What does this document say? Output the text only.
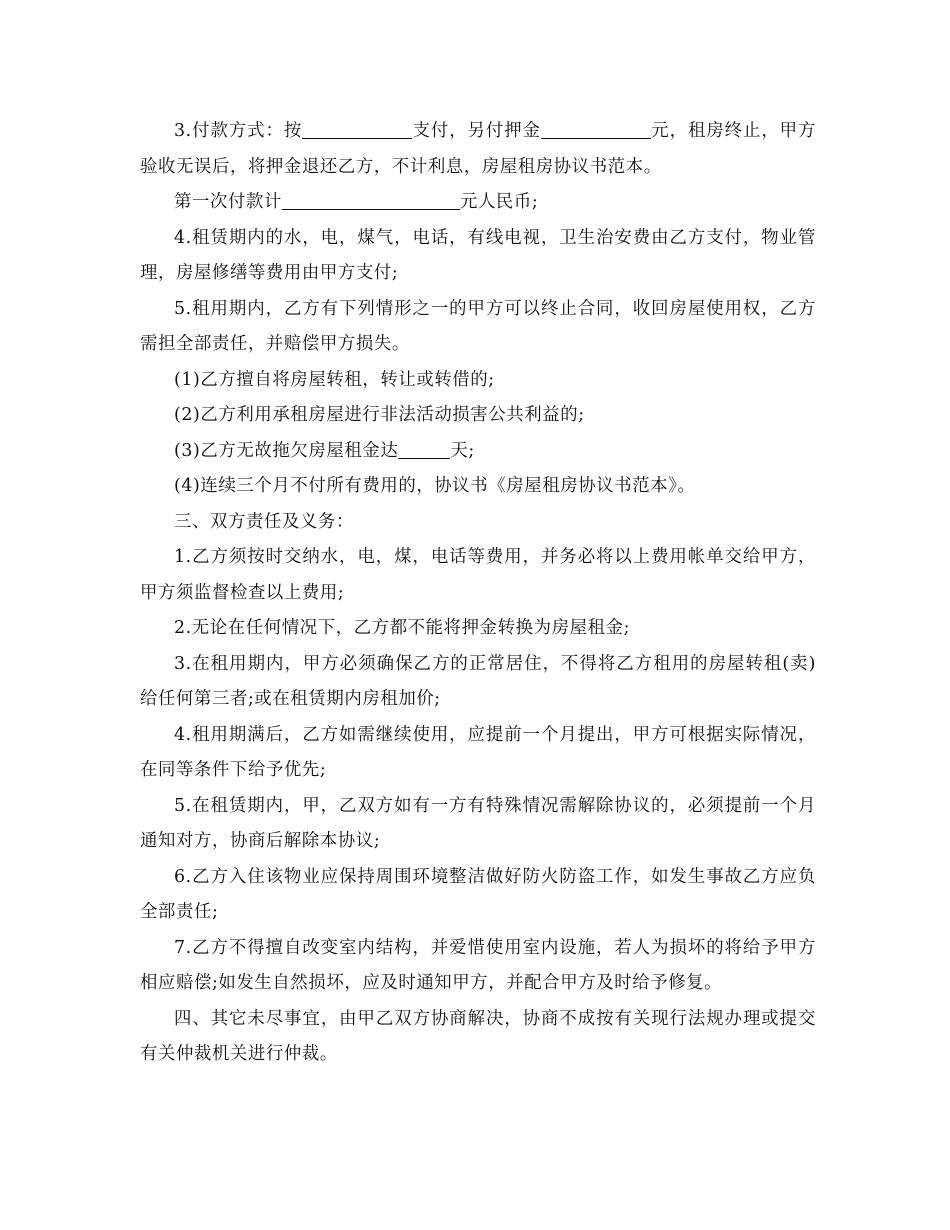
3.付款方式：按	支付，另付押金	元，租房终止，甲方验收无误后，将押金退还乙方，不计利息，房屋租房协议书范本。

第一次付款计	元人民币;

4.租赁期内的水，电，煤气，电话，有线电视，卫生治安费由乙方支付，物业管理，房屋修缮等费用由甲方支付;

5.租用期内，乙方有下列情形之一的甲方可以终止合同，收回房屋使用权，乙方需担全部责任，并赔偿甲方损失。

(1)乙方擅自将房屋转租，转让或转借的;

(2)乙方利用承租房屋进行非法活动损害公共利益的;

(3)乙方无故拖欠房屋租金达	天;

(4)连续三个月不付所有费用的，协议书《房屋租房协议书范本》。

三、双方责任及义务：

1.乙方须按时交纳水，电，煤，电话等费用，并务必将以上费用帐单交给甲方，甲方须监督检查以上费用;

2.无论在任何情况下，乙方都不能将押金转换为房屋租金;

3.在租用期内，甲方必须确保乙方的正常居住，不得将乙方租用的房屋转租(卖)给任何第三者;或在租赁期内房租加价;

4.租用期满后，乙方如需继续使用，应提前一个月提出，甲方可根据实际情况，在同等条件下给予优先;

5.在租赁期内，甲，乙双方如有一方有特殊情况需解除协议的，必须提前一个月通知对方，协商后解除本协议;

6.乙方入住该物业应保持周围环境整洁做好防火防盗工作，如发生事故乙方应负全部责任;

7.乙方不得擅自改变室内结构，并爱惜使用室内设施，若人为损坏的将给予甲方相应赔偿;如发生自然损坏，应及时通知甲方，并配合甲方及时给予修复。

四、其它未尽事宜，由甲乙双方协商解决，协商不成按有关现行法规办理或提交有关仲裁机关进行仲裁。
